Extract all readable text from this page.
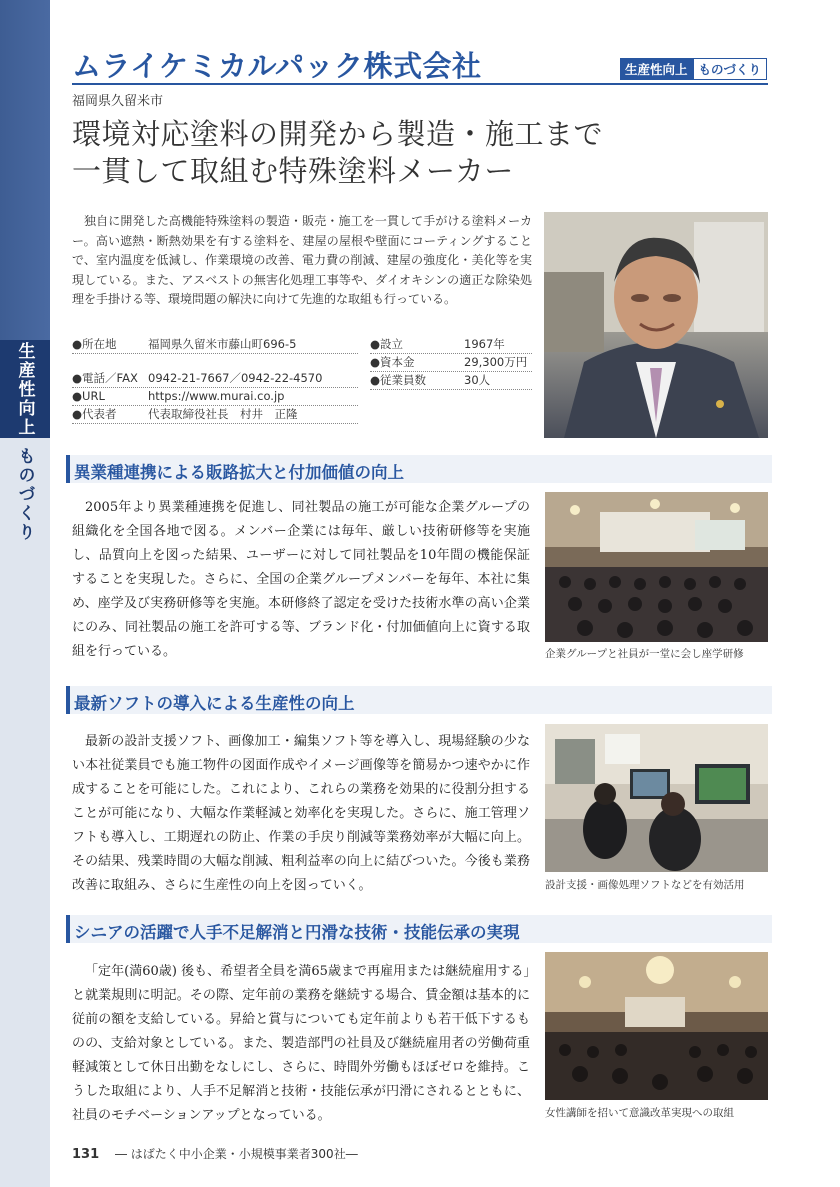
生産性向上
ものづくり
ムライケミカルパック株式会社	生産性向上 ものづくり
福岡県久留米市
環境対応塗料の開発から製造・施工まで
一貫して取組む特殊塗料メーカー
独自に開発した高機能特殊塗料の製造・販売・施工を一貫して手がける塗料メーカー。高い遮熱・断熱効果を有する塗料を、建屋の屋根や壁面にコーティングすることで、室内温度を低減し、作業環境の改善、電力費の削減、建屋の強度化・美化等を実現している。また、アスベストの無害化処理工事等や、ダイオキシンの適正な除染処理を手掛ける等、環境問題の解決に向けて先進的な取組も行っている。
●所在地	福岡県久留米市藤山町696-5
●電話／FAX 0942-21-7667／0942-22-4570
●URL	https://www.murai.co.jp
●代表者	代表取締役社長　村井　正隆
●設立	1967年
●資本金	29,300万円
●従業員数	30人
異業種連携による販路拡大と付加価値の向上
2005年より異業種連携を促進し、同社製品の施工が可能な企業グループの組織化を全国各地で図る。メンバー企業には毎年、厳しい技術研修等を実施し、品質向上を図った結果、ユーザーに対して同社製品を10年間の機能保証することを実現した。さらに、全国の企業グループメンバーを毎年、本社に集め、座学及び実務研修等を実施。本研修終了認定を受けた技術水準の高い企業にのみ、同社製品の施工を許可する等、ブランド化・付加価値向上に資する取組を行っている。	企業グループと社員が一堂に会し座学研修
最新ソフトの導入による生産性の向上
最新の設計支援ソフト、画像加工・編集ソフト等を導入し、現場経験の少ない本社従業員でも施工物件の図面作成やイメージ画像等を簡易かつ速やかに作成することを可能にした。これにより、これらの業務を効果的に役割分担することが可能になり、大幅な作業軽減と効率化を実現した。さらに、施工管理ソフトも導入し、工期遅れの防止、作業の手戻り削減等業務効率が大幅に向上。その結果、残業時間の大幅な削減、粗利益率の向上に結びついた。今後も業務改善に取組み、さらに生産性の向上を図っていく。	設計支援・画像処理ソフトなどを有効活用
シニアの活躍で人手不足解消と円滑な技術・技能伝承の実現
「定年(満60歳) 後も、希望者全員を満65歳まで再雇用または継続雇用する」と就業規則に明記。その際、定年前の業務を継続する場合、賃金額は基本的に従前の額を支給している。昇給と賞与についても定年前よりも若干低下するものの、支給対象としている。また、製造部門の社員及び継続雇用者の労働荷重軽減策として休日出勤をなしにし、さらに、時間外労働もほぼゼロを維持。こうした取組により、人手不足解消と技術・技能伝承が円滑にされるとともに、社員のモチベーションアップとなっている。	女性講師を招いて意識改革実現への取組
131 ― はばたく中小企業・小規模事業者300社―
